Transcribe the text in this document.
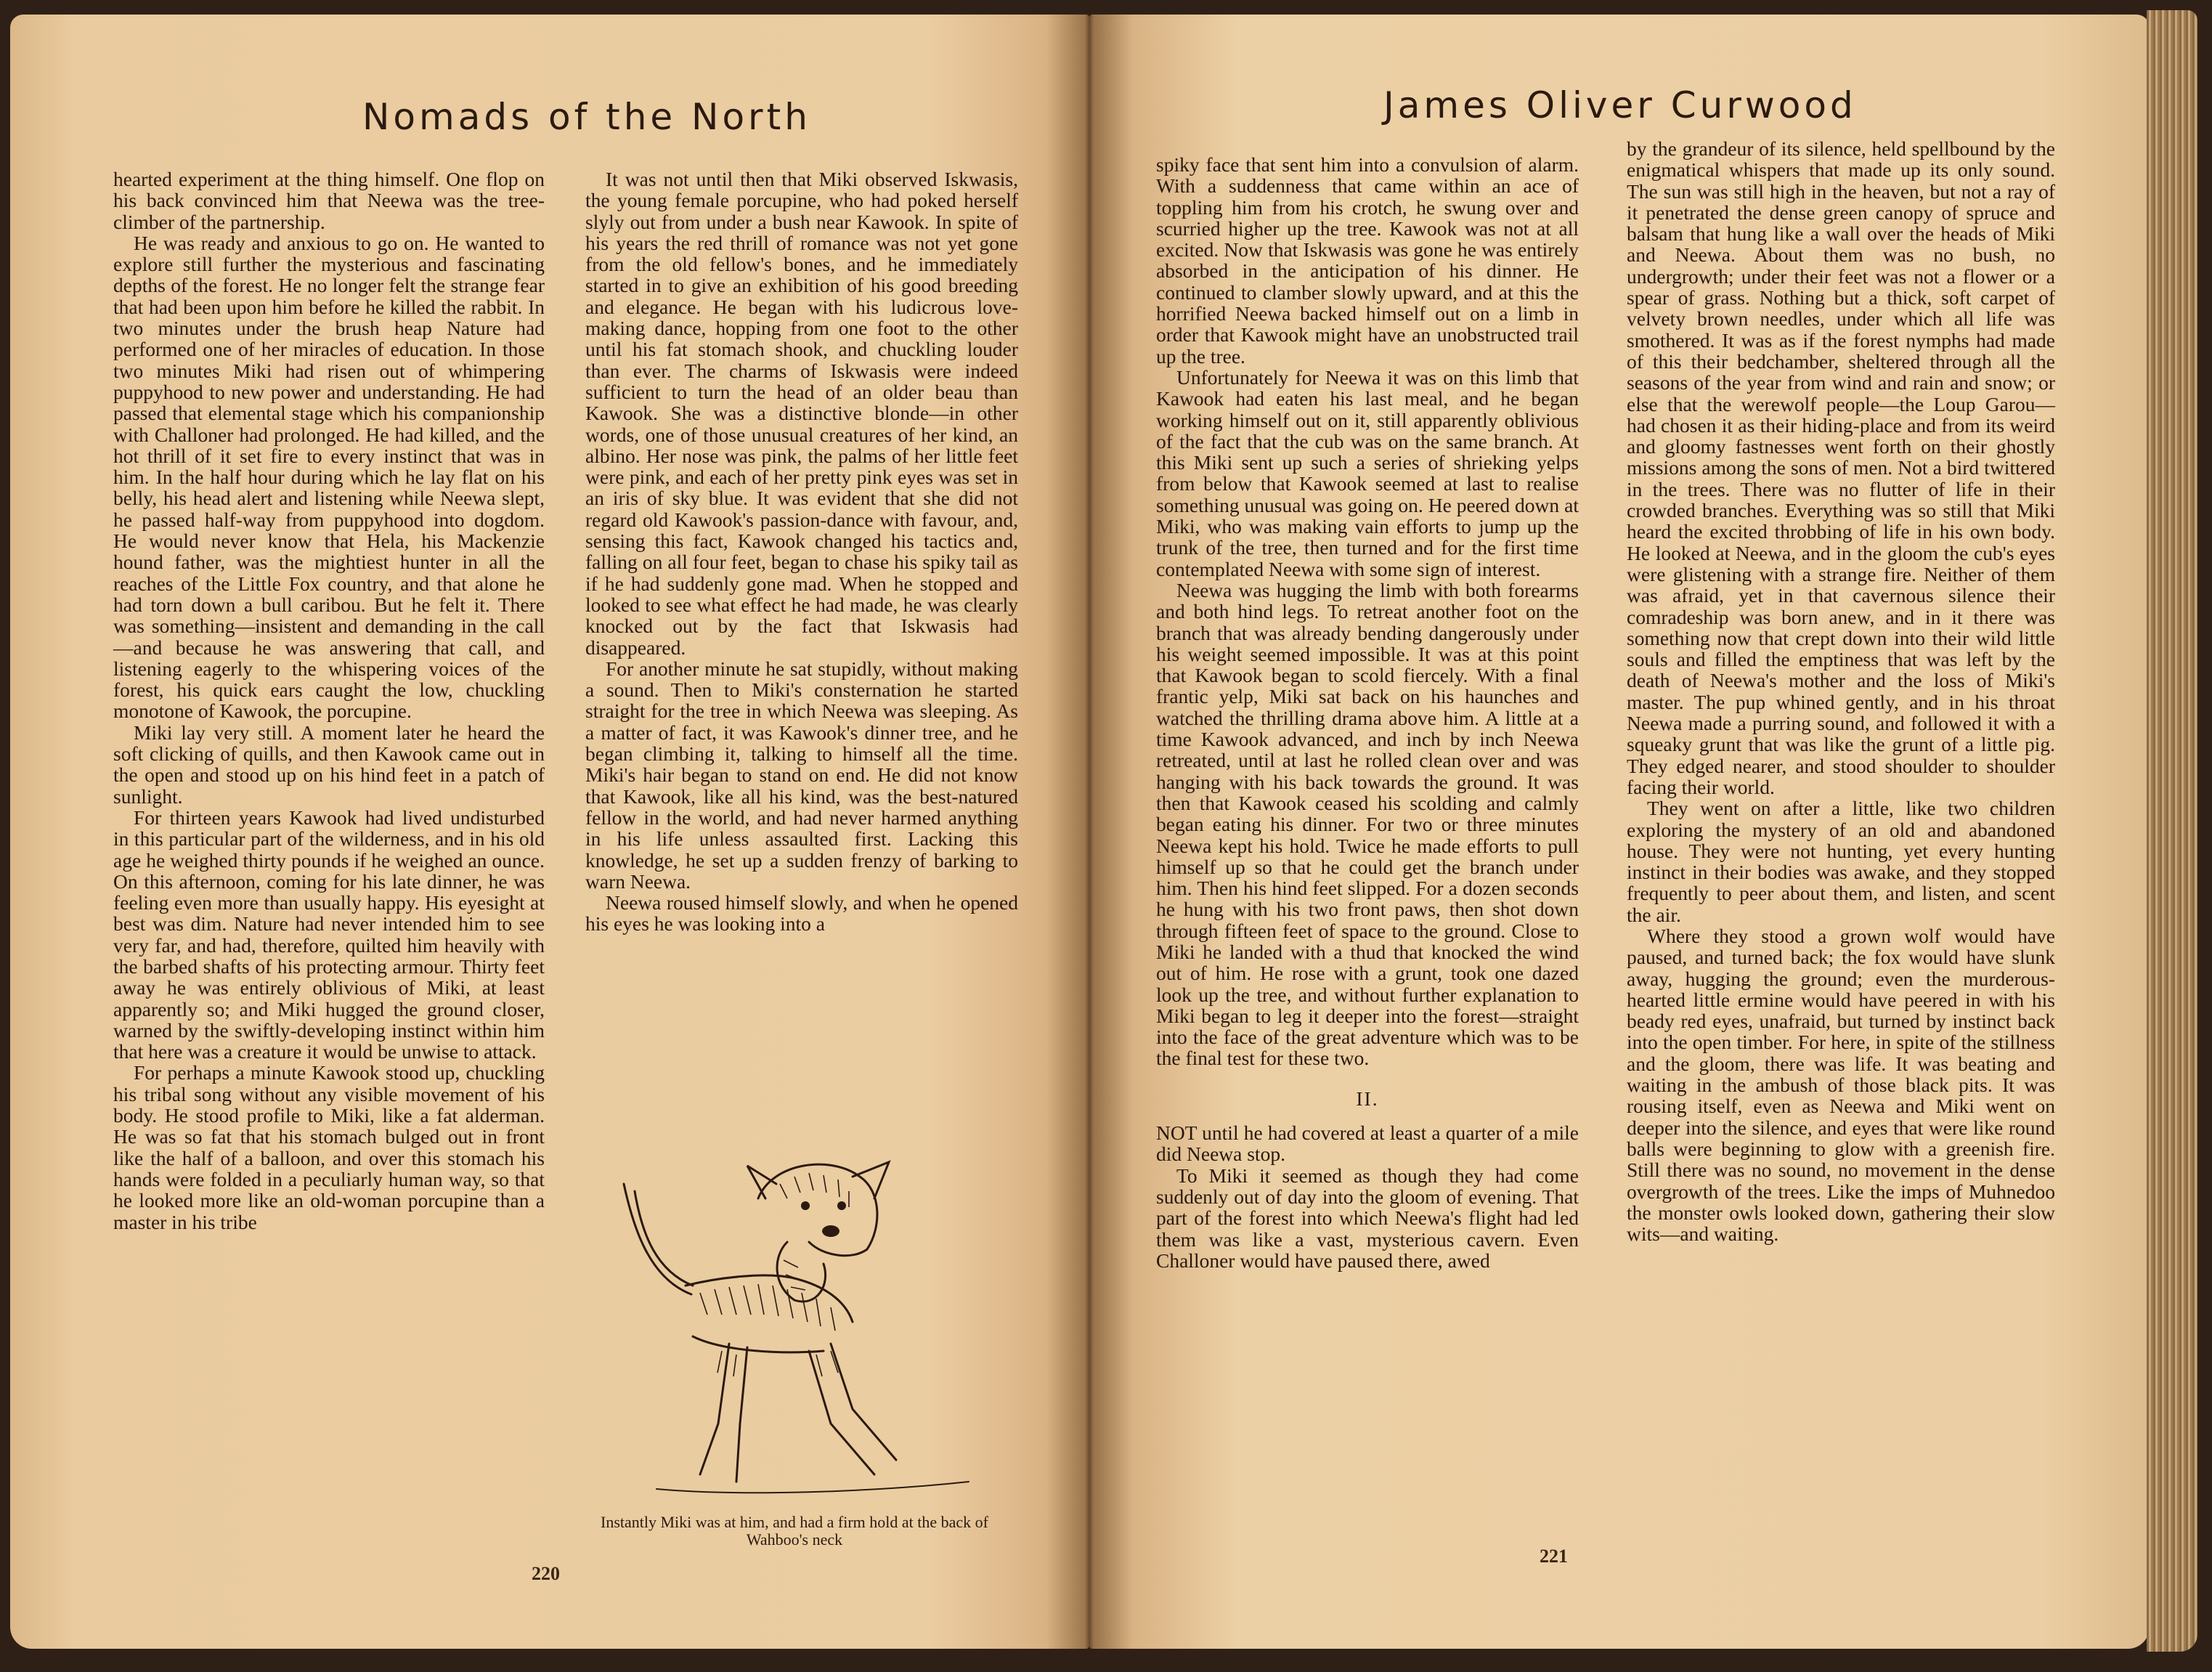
Nomads of the North

hearted experiment at the thing himself. One flop on his back convinced him that Neewa was the tree-climber of the partnership.

He was ready and anxious to go on. He wanted to explore still further the mysterious and fascinating depths of the forest. He no longer felt the strange fear that had been upon him before he killed the rabbit. In two minutes under the brush heap Nature had performed one of her miracles of education. In those two minutes Miki had risen out of whimpering puppyhood to new power and understanding. He had passed that elemental stage which his companionship with Challoner had prolonged. He had killed, and the hot thrill of it set fire to every instinct that was in him. In the half hour during which he lay flat on his belly, his head alert and listening while Neewa slept, he passed half-way from puppyhood into dogdom. He would never know that Hela, his Mackenzie hound father, was the mightiest hunter in all the reaches of the Little Fox country, and that alone he had torn down a bull caribou. But he felt it. There was something—insistent and demanding in the call—and because he was answering that call, and listening eagerly to the whispering voices of the forest, his quick ears caught the low, chuckling monotone of Kawook, the porcupine.

Miki lay very still. A moment later he heard the soft clicking of quills, and then Kawook came out in the open and stood up on his hind feet in a patch of sunlight.

For thirteen years Kawook had lived undisturbed in this particular part of the wilderness, and in his old age he weighed thirty pounds if he weighed an ounce. On this afternoon, coming for his late dinner, he was feeling even more than usually happy. His eyesight at best was dim. Nature had never intended him to see very far, and had, therefore, quilted him heavily with the barbed shafts of his protecting armour. Thirty feet away he was entirely oblivious of Miki, at least apparently so; and Miki hugged the ground closer, warned by the swiftly-developing instinct within him that here was a creature it would be unwise to attack.

For perhaps a minute Kawook stood up, chuckling his tribal song without any visible movement of his body. He stood profile to Miki, like a fat alderman. He was so fat that his stomach bulged out in front like the half of a balloon, and over this stomach his hands were folded in a peculiarly human way, so that he looked more like an old-woman porcupine than a master in his tribe

It was not until then that Miki observed Iskwasis, the young female porcupine, who had poked herself slyly out from under a bush near Kawook. In spite of his years the red thrill of romance was not yet gone from the old fellow's bones, and he immediately started in to give an exhibition of his good breeding and elegance. He began with his ludicrous love-making dance, hopping from one foot to the other until his fat stomach shook, and chuckling louder than ever. The charms of Iskwasis were indeed sufficient to turn the head of an older beau than Kawook. She was a distinctive blonde—in other words, one of those unusual creatures of her kind, an albino. Her nose was pink, the palms of her little feet were pink, and each of her pretty pink eyes was set in an iris of sky blue. It was evident that she did not regard old Kawook's passion-dance with favour, and, sensing this fact, Kawook changed his tactics and, falling on all four feet, began to chase his spiky tail as if he had suddenly gone mad. When he stopped and looked to see what effect he had made, he was clearly knocked out by the fact that Iskwasis had disappeared.

For another minute he sat stupidly, without making a sound. Then to Miki's consternation he started straight for the tree in which Neewa was sleeping. As a matter of fact, it was Kawook's dinner tree, and he began climbing it, talking to himself all the time. Miki's hair began to stand on end. He did not know that Kawook, like all his kind, was the best-natured fellow in the world, and had never harmed anything in his life unless assaulted first. Lacking this knowledge, he set up a sudden frenzy of barking to warn Neewa.

Neewa roused himself slowly, and when he opened his eyes he was looking into a

Instantly Miki was at him, and had a firm hold at the back of Wahboo's neck
220
James Oliver Curwood

spiky face that sent him into a convulsion of alarm. With a suddenness that came within an ace of toppling him from his crotch, he swung over and scurried higher up the tree. Kawook was not at all excited. Now that Iskwasis was gone he was entirely absorbed in the anticipation of his dinner. He continued to clamber slowly upward, and at this the horrified Neewa backed himself out on a limb in order that Kawook might have an unobstructed trail up the tree.

Unfortunately for Neewa it was on this limb that Kawook had eaten his last meal, and he began working himself out on it, still apparently oblivious of the fact that the cub was on the same branch. At this Miki sent up such a series of shrieking yelps from below that Kawook seemed at last to realise something unusual was going on. He peered down at Miki, who was making vain efforts to jump up the trunk of the tree, then turned and for the first time contemplated Neewa with some sign of interest.

Neewa was hugging the limb with both forearms and both hind legs. To retreat another foot on the branch that was already bending dangerously under his weight seemed impossible. It was at this point that Kawook began to scold fiercely. With a final frantic yelp, Miki sat back on his haunches and watched the thrilling drama above him. A little at a time Kawook advanced, and inch by inch Neewa retreated, until at last he rolled clean over and was hanging with his back towards the ground. It was then that Kawook ceased his scolding and calmly began eating his dinner. For two or three minutes Neewa kept his hold. Twice he made efforts to pull himself up so that he could get the branch under him. Then his hind feet slipped. For a dozen seconds he hung with his two front paws, then shot down through fifteen feet of space to the ground. Close to Miki he landed with a thud that knocked the wind out of him. He rose with a grunt, took one dazed look up the tree, and without further explanation to Miki began to leg it deeper into the forest—straight into the face of the great adventure which was to be the final test for these two.

II.

NOT until he had covered at least a quarter of a mile did Neewa stop.

To Miki it seemed as though they had come suddenly out of day into the gloom of evening. That part of the forest into which Neewa's flight had led them was like a vast, mysterious cavern. Even Challoner would have paused there, awed

by the grandeur of its silence, held spellbound by the enigmatical whispers that made up its only sound. The sun was still high in the heaven, but not a ray of it penetrated the dense green canopy of spruce and balsam that hung like a wall over the heads of Miki and Neewa. About them was no bush, no undergrowth; under their feet was not a flower or a spear of grass. Nothing but a thick, soft carpet of velvety brown needles, under which all life was smothered. It was as if the forest nymphs had made of this their bedchamber, sheltered through all the seasons of the year from wind and rain and snow; or else that the werewolf people—the Loup Garou—had chosen it as their hiding-place and from its weird and gloomy fastnesses went forth on their ghostly missions among the sons of men. Not a bird twittered in the trees. There was no flutter of life in their crowded branches. Everything was so still that Miki heard the excited throbbing of life in his own body. He looked at Neewa, and in the gloom the cub's eyes were glistening with a strange fire. Neither of them was afraid, yet in that cavernous silence their comradeship was born anew, and in it there was something now that crept down into their wild little souls and filled the emptiness that was left by the death of Neewa's mother and the loss of Miki's master. The pup whined gently, and in his throat Neewa made a purring sound, and followed it with a squeaky grunt that was like the grunt of a little pig. They edged nearer, and stood shoulder to shoulder facing their world.

They went on after a little, like two children exploring the mystery of an old and abandoned house. They were not hunting, yet every hunting instinct in their bodies was awake, and they stopped frequently to peer about them, and listen, and scent the air.

Where they stood a grown wolf would have paused, and turned back; the fox would have slunk away, hugging the ground; even the murderous-hearted little ermine would have peered in with his beady red eyes, unafraid, but turned by instinct back into the open timber. For here, in spite of the stillness and the gloom, there was life. It was beating and waiting in the ambush of those black pits. It was rousing itself, even as Neewa and Miki went on deeper into the silence, and eyes that were like round balls were beginning to glow with a greenish fire. Still there was no sound, no movement in the dense overgrowth of the trees. Like the imps of Muhnedoo the monster owls looked down, gathering their slow wits—and waiting.

221
